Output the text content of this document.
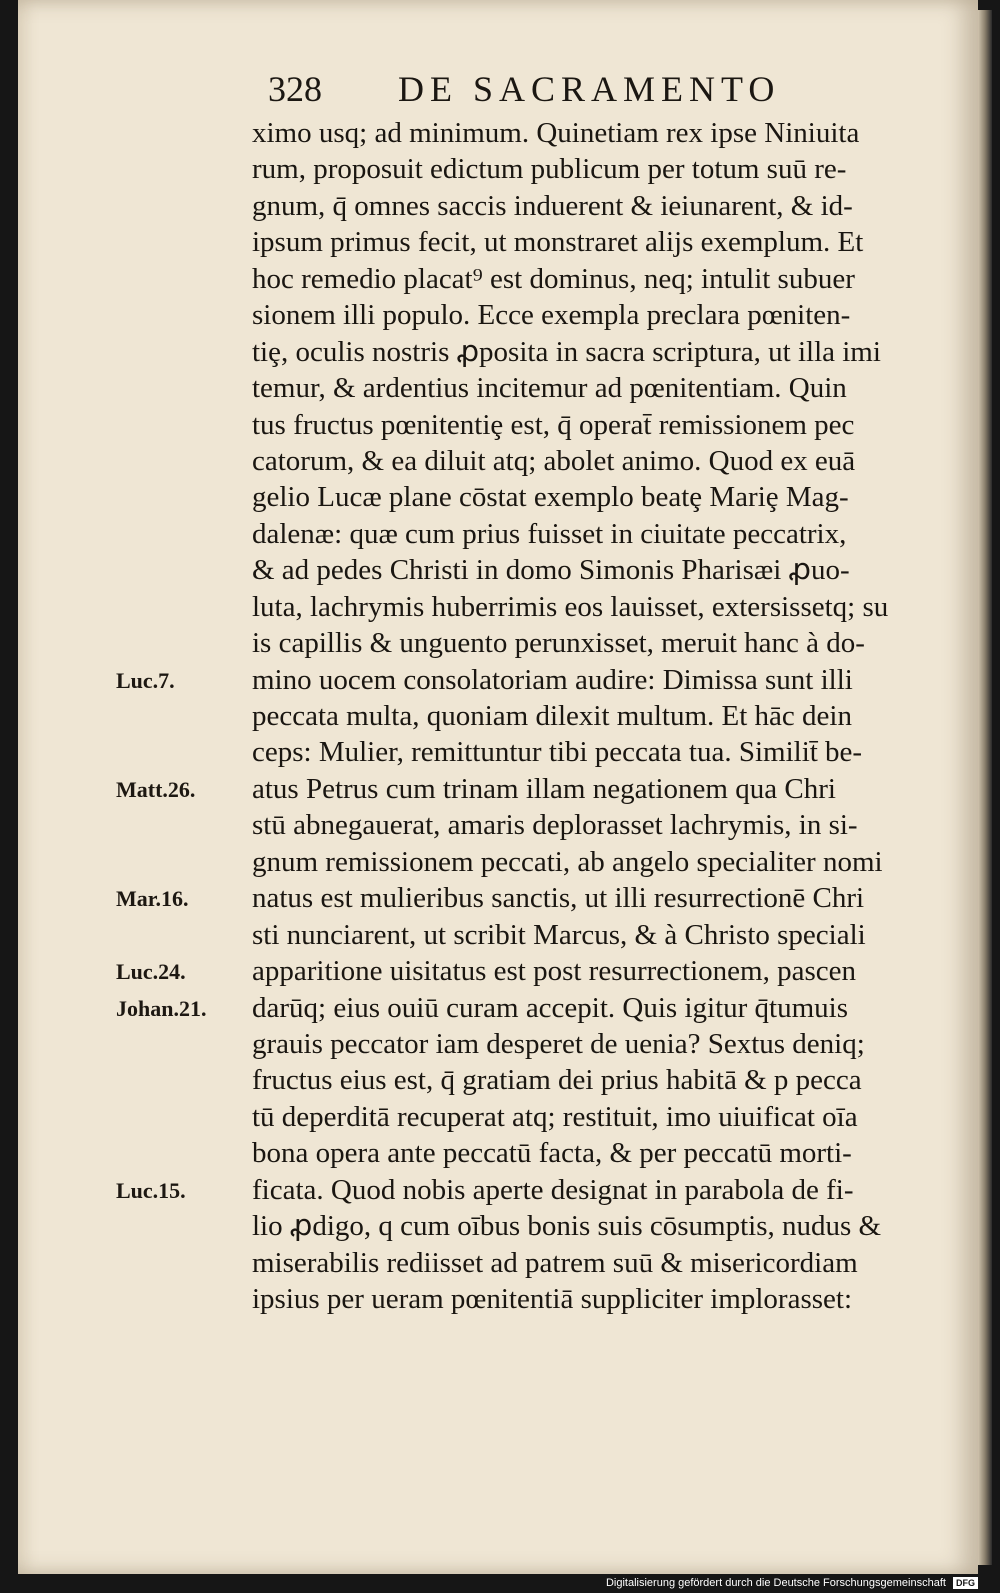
328 DE SACRAMENTO
ximo usq; ad minimum. Quinetiam rex ipse Niniuita
rum, proposuit edictum publicum per totum suū re-
gnum, q̄ omnes saccis induerent & ieiunarent, & id-
ipsum primus fecit, ut monstraret alijs exemplum. Et
hoc remedio placat⁹ est dominus, neq; intulit subuer
sionem illi populo. Ecce exempla preclara pœniten-
tiȩ, oculis nostris ꝓposita in sacra scriptura, ut illa imi
temur, & ardentius incitemur ad pœnitentiam. Quin
tus fructus pœnitentiȩ est, q̄ operat̄ remissionem pec
catorum, & ea diluit atq; abolet animo. Quod ex euā
gelio Lucæ plane cōstat exemplo beatȩ Mariȩ Mag-
dalenæ: quæ cum prius fuisset in ciuitate peccatrix,
& ad pedes Christi in domo Simonis Pharisæi ꝓuo-
luta, lachrymis huberrimis eos lauisset, extersissetq; su
is capillis & unguento perunxisset, meruit hanc à do-
mino uocem consolatoriam audire: Dimissa sunt illi
peccata multa, quoniam dilexit multum. Et hāc dein
ceps: Mulier, remittuntur tibi peccata tua. Similit̄ be-
atus Petrus cum trinam illam negationem qua Chri
stū abnegauerat, amaris deplorasset lachrymis, in si-
gnum remissionem peccati, ab angelo specialiter nomi
natus est mulieribus sanctis, ut illi resurrectionē Chri
sti nunciarent, ut scribit Marcus, & à Christo speciali
apparitione uisitatus est post resurrectionem, pascen
darūq; eius ouiū curam accepit. Quis igitur q̄tumuis
grauis peccator iam desperet de uenia? Sextus deniq;
fructus eius est, q̄ gratiam dei prius habitā & p pecca
tū deperditā recuperat atq; restituit, imo uiuificat oīa
bona opera ante peccatū facta, & per peccatū morti-
ficata. Quod nobis aperte designat in parabola de fi-
lio ꝓdigo, q cum oībus bonis suis cōsumptis, nudus &
miserabilis rediisset ad patrem suū & misericordiam
ipsius per ueram pœnitentiā suppliciter implorasset:
Luc.7.
Matt.26.
Mar.16.
Luc.24.
Johan.21.
Luc.15.
Digitalisierung gefördert durch die Deutsche Forschungsgemeinschaft DFG
